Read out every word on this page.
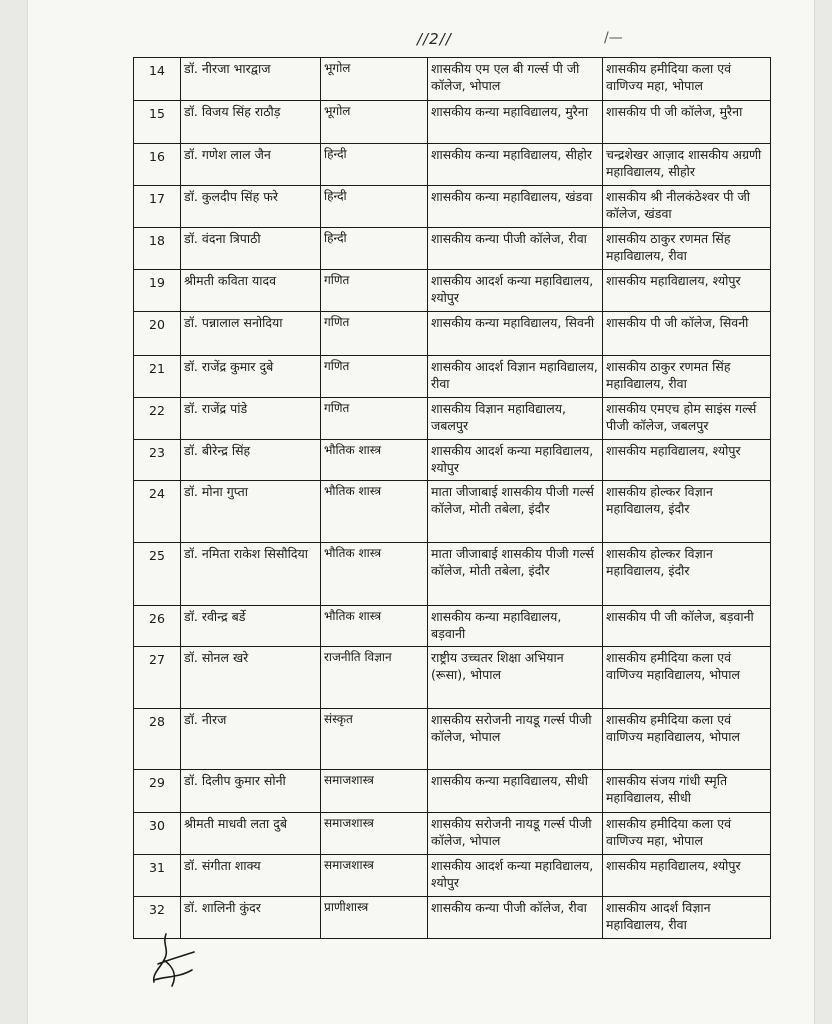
//2//	/—
14	डॉ. नीरजा भारद्वाज	भूगोल	शासकीय एम एल बी गर्ल्स पी जी कॉलेज, भोपाल	शासकीय हमीदिया कला एवं वाणिज्य महा, भोपाल
15	डॉ. विजय सिंह राठौड़	भूगोल	शासकीय कन्या महाविद्यालय, मुरैना	शासकीय पी जी कॉलेज, मुरैना
16	डॉ. गणेश लाल जैन	हिन्दी	शासकीय कन्या महाविद्यालय, सीहोर	चन्द्रशेखर आज़ाद शासकीय अग्रणी महाविद्यालय, सीहोर
17	डॉ. कुलदीप सिंह फरे	हिन्दी	शासकीय कन्या महाविद्यालय, खंडवा	शासकीय श्री नीलकंठेश्वर पी जी कॉलेज, खंडवा
18	डॉ. वंदना त्रिपाठी	हिन्दी	शासकीय कन्या पीजी कॉलेज, रीवा	शासकीय ठाकुर रणमत सिंह महाविद्यालय, रीवा
19	श्रीमती कविता यादव	गणित	शासकीय आदर्श कन्या महाविद्यालय, श्योपुर	शासकीय महाविद्यालय, श्योपुर
20	डॉ. पन्नालाल सनोदिया	गणित	शासकीय कन्या महाविद्यालय, सिवनी	शासकीय पी जी कॉलेज, सिवनी
21	डॉ. राजेंद्र कुमार दुबे	गणित	शासकीय आदर्श विज्ञान महाविद्यालय, रीवा	शासकीय ठाकुर रणमत सिंह महाविद्यालय, रीवा
22	डॉ. राजेंद्र पांडे	गणित	शासकीय विज्ञान महाविद्यालय, जबलपुर	शासकीय एमएच होम साइंस गर्ल्स पीजी कॉलेज, जबलपुर
23	डॉ. बीरेन्द्र सिंह	भौतिक शास्त्र	शासकीय आदर्श कन्या महाविद्यालय, श्योपुर	शासकीय महाविद्यालय, श्योपुर
24	डॉ. मोना गुप्ता	भौतिक शास्त्र	माता जीजाबाई शासकीय पीजी गर्ल्स कॉलेज, मोती तबेला, इंदौर	शासकीय होल्कर विज्ञान महाविद्यालय, इंदौर
25	डॉ. नमिता राकेश सिसौदिया	भौतिक शास्त्र	माता जीजाबाई शासकीय पीजी गर्ल्स कॉलेज, मोती तबेला, इंदौर	शासकीय होल्कर विज्ञान महाविद्यालय, इंदौर
26	डॉ. रवीन्द्र बर्डे	भौतिक शास्त्र	शासकीय कन्या महाविद्यालय, बड़वानी	शासकीय पी जी कॉलेज, बड़वानी
27	डॉ. सोनल खरे	राजनीति विज्ञान	राष्ट्रीय उच्चतर शिक्षा अभियान (रूसा), भोपाल	शासकीय हमीदिया कला एवं वाणिज्य महाविद्यालय, भोपाल
28	डॉ. नीरज	संस्कृत	शासकीय सरोजनी नायडू गर्ल्स पीजी कॉलेज, भोपाल	शासकीय हमीदिया कला एवं वाणिज्य महाविद्यालय, भोपाल
29	डॉ. दिलीप कुमार सोनी	समाजशास्त्र	शासकीय कन्या महाविद्यालय, सीधी	शासकीय संजय गांधी स्मृति महाविद्यालय, सीधी
30	श्रीमती माधवी लता दुबे	समाजशास्त्र	शासकीय सरोजनी नायडू गर्ल्स पीजी कॉलेज, भोपाल	शासकीय हमीदिया कला एवं वाणिज्य महा, भोपाल
31	डॉ. संगीता शाक्य	समाजशास्त्र	शासकीय आदर्श कन्या महाविद्यालय, श्योपुर	शासकीय महाविद्यालय, श्योपुर
32	डॉ. शालिनी कुंदर	प्राणीशास्त्र	शासकीय कन्या पीजी कॉलेज, रीवा	शासकीय आदर्श विज्ञान महाविद्यालय, रीवा
